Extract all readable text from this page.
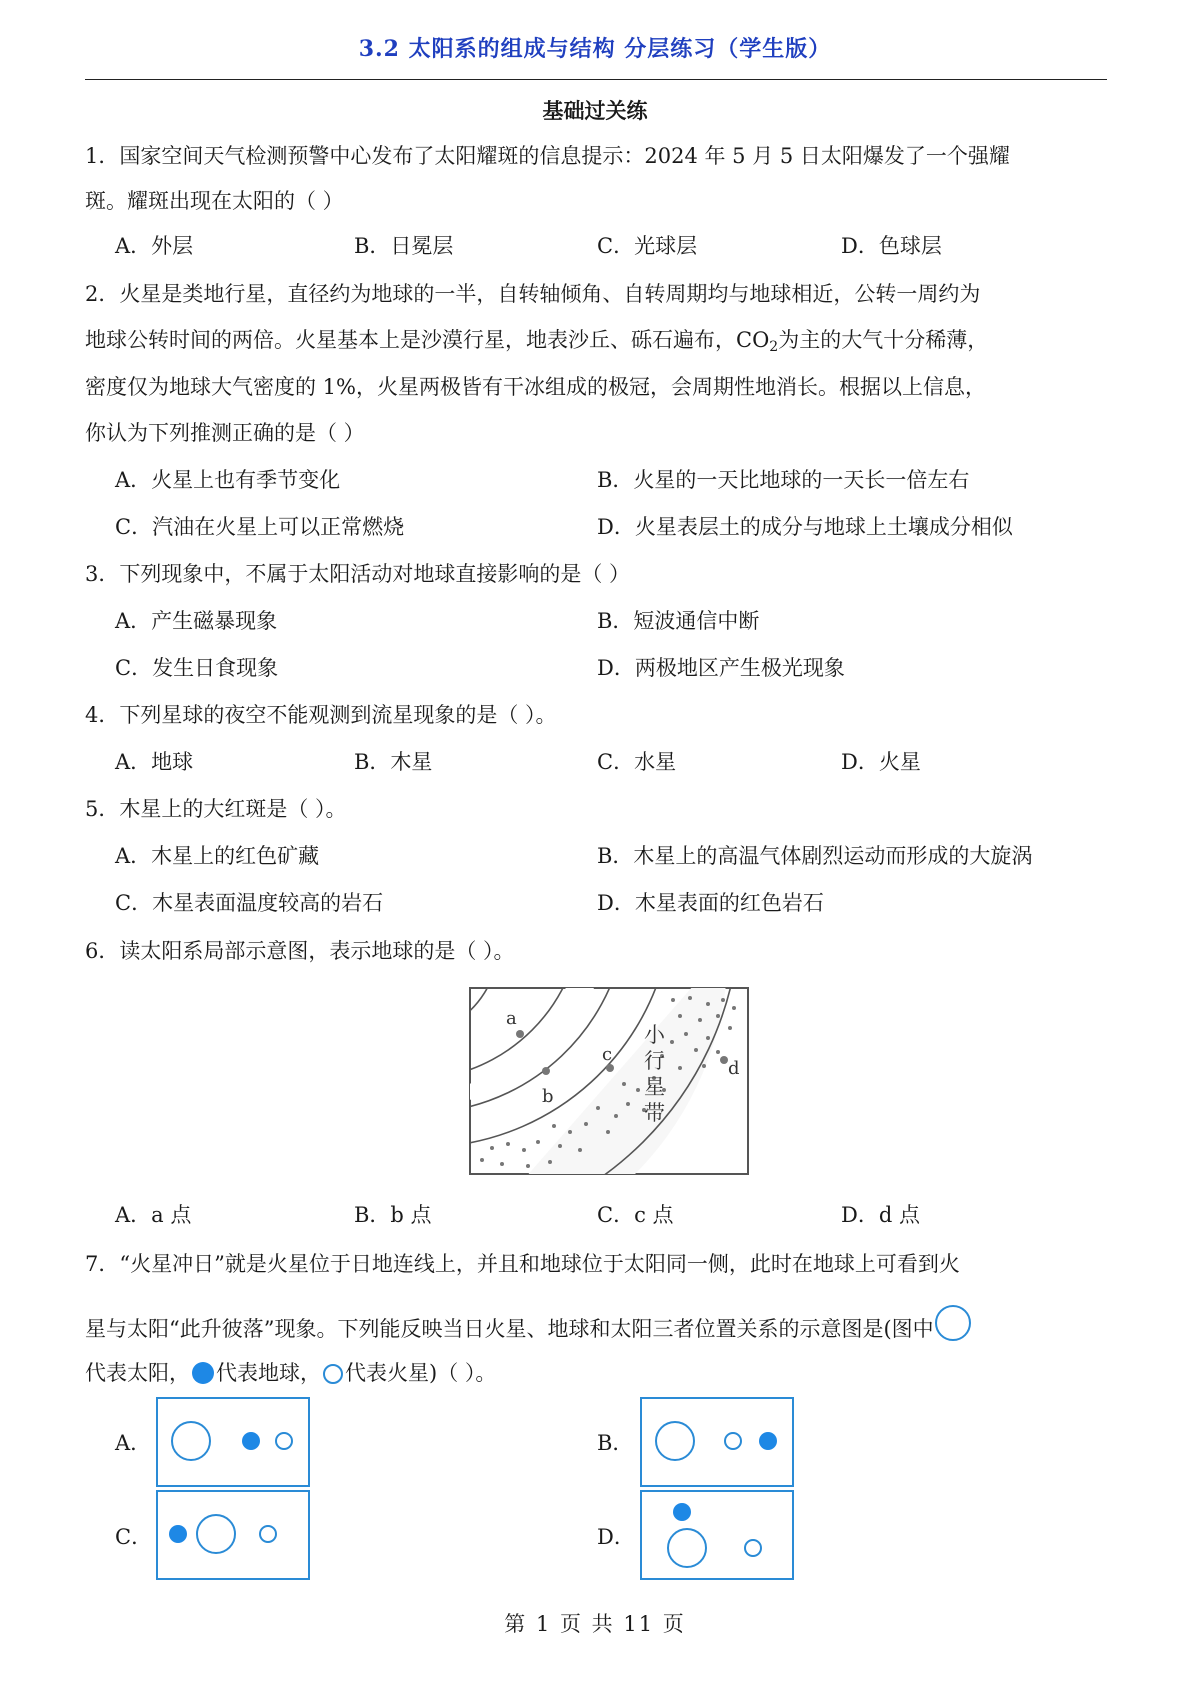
3.2 太阳系的组成与结构 分层练习（学生版）
基础过关练
1．国家空间天气检测预警中心发布了太阳耀斑的信息提示：2024 年 5 月 5 日太阳爆发了一个强耀
斑。耀斑出现在太阳的（ ）
A．外层	B．日冕层	C．光球层	D．色球层
2．火星是类地行星，直径约为地球的一半，自转轴倾角、自转周期均与地球相近，公转一周约为
地球公转时间的两倍。火星基本上是沙漠行星，地表沙丘、砾石遍布，$CO_2$为主的大气十分稀薄，
密度仅为地球大气密度的 1%，火星两极皆有干冰组成的极冠，会周期性地消长。根据以上信息，
你认为下列推测正确的是（ ）
A．火星上也有季节变化	B．火星的一天比地球的一天长一倍左右
C．汽油在火星上可以正常燃烧	D．火星表层土的成分与地球上土壤成分相似
3．下列现象中，不属于太阳活动对地球直接影响的是（ ）
A．产生磁暴现象	B．短波通信中断
C．发生日食现象	D．两极地区产生极光现象
4．下列星球的夜空不能观测到流星现象的是（ ）。
A．地球	B．木星	C．水星	D．火星
5．木星上的大红斑是（ ）。
A．木星上的红色矿藏	B．木星上的高温气体剧烈运动而形成的大旋涡
C．木星表面温度较高的岩石	D．木星表面的红色岩石
6．读太阳系局部示意图，表示地球的是（ ）。
a
b
c
d
小
行
星
带
A．a 点	B．b 点	C．c 点	D．d 点
7．“火星冲日”就是火星位于日地连线上，并且和地球位于太阳同一侧，此时在地球上可看到火
星与太阳“此升彼落”现象。下列能反映当日火星、地球和太阳三者位置关系的示意图是(图中
代表太阳， 代表地球， 代表火星)（ ）。
A．	B．
C．	D．
第 1 页 共 11 页
